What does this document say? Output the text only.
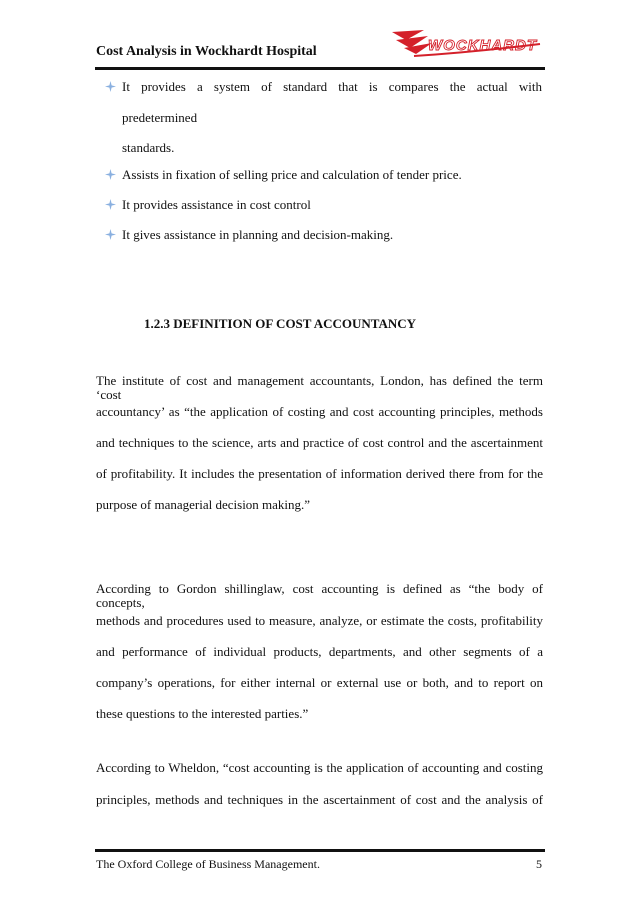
Cost Analysis in Wockhardt Hospital	WOCKHARDT
It provides a system of standard that is compares the actual with
predetermined
standards.
Assists in fixation of selling price and calculation of tender price.
It provides assistance in cost control
It gives assistance in planning and decision-making.
1.2.3 DEFINITION OF COST ACCOUNTANCY
The institute of cost and management accountants, London, has defined the term ‘cost
accountancy’ as “the application of costing and cost accounting principles, methods
and techniques to the science, arts and practice of cost control and the ascertainment
of profitability. It includes the presentation of information derived there from for the
purpose of managerial decision making.”
According to Gordon shillinglaw, cost accounting is defined as “the body of concepts,
methods and procedures used to measure, analyze, or estimate the costs, profitability
and performance of individual products, departments, and other segments of a
company’s operations, for either internal or external use or both, and to report on
these questions to the interested parties.”
According to Wheldon, “cost accounting is the application of accounting and costing
principles, methods and techniques in the ascertainment of cost and the analysis of
The Oxford College of Business Management.	5
